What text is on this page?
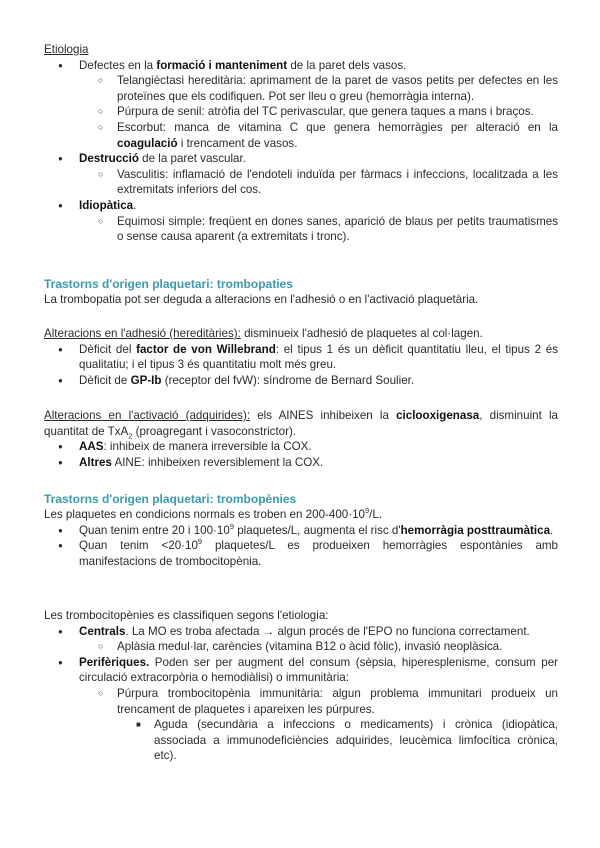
Etiologia

● Defectes en la formació i manteniment de la paret dels vasos.
○ Telangièctasi hereditària: aprimament de la paret de vasos petits per defectes en les proteïnes que els codifiquen. Pot ser lleu o greu (hemorràgia interna).
○ Púrpura de senil: atròfia del TC perivascular, que genera taques a mans i braços.
○ Escorbut: manca de vitamina C que genera hemorràgies per alteració en la coagulació i trencament de vasos.
● Destrucció de la paret vascular.
○ Vasculitis: inflamació de l'endoteli induïda per fàrmacs i infeccions, localitzada a les extremitats inferiors del cos.
● Idiopàtica.
○ Equimosi simple: freqüent en dones sanes, aparició de blaus per petits traumatismes o sense causa aparent (a extremitats i tronc).
Trastorns d'origen plaquetari: trombopaties

La trombopatia pot ser deguda a alteracions en l'adhesió o en l'activació plaquetària.

Alteracions en l'adhesió (hereditàries): disminueix l'adhesió de plaquetes al col·lagen.

● Dèficit del factor de von Willebrand: el tipus 1 és un dèficit quantitatiu lleu, el tipus 2 és qualitatiu; i el tipus 3 és quantitatiu molt més greu.
● Dèficit de GP-Ib (receptor del fvW): síndrome de Bernard Soulier.

Alteracions en l'activació (adquirides): els AINES inhibeixen la ciclooxigenasa, disminuint la quantitat de TxA$_2$ (proagregant i vasoconstrictor).

● AAS: inhibeix de manera irreversible la COX.
● Altres AINE: inhibeixen reversiblement la COX.
Trastorns d'origen plaquetari: trombopènies

Les plaquetes en condicions normals es troben en $200-400\cdot 10^9/L$.

● Quan tenim entre 20 i $100\cdot 10^9$ plaquetes/L, augmenta el risc d'hemorràgia posttraumàtica.
● Quan tenim $<20\cdot 10^9$ plaquetes/L es produeixen hemorràgies espontànies amb manifestacions de trombocitopènia.

Les trombocitopènies es classifiquen segons l'etiologia:

● Centrals. La MO es troba afectada → algun procés de l'EPO no funciona correctament.
○ Aplàsia medul·lar, carències (vitamina B12 o àcid fòlic), invasió neoplàsica.
● Perifèriques. Poden ser per augment del consum (sèpsia, hiperesplenisme, consum per circulació extracorpòria o hemodiàlisi) o immunitària:
○ Púrpura trombocitopènia immunitària: algun problema immunitari produeix un trencament de plaquetes i apareixen les púrpures.
■ Aguda (secundària a infeccions o medicaments) i crònica (idiopàtica, associada a immunodeficiències adquirides, leucèmica limfocítica crònica, etc).
